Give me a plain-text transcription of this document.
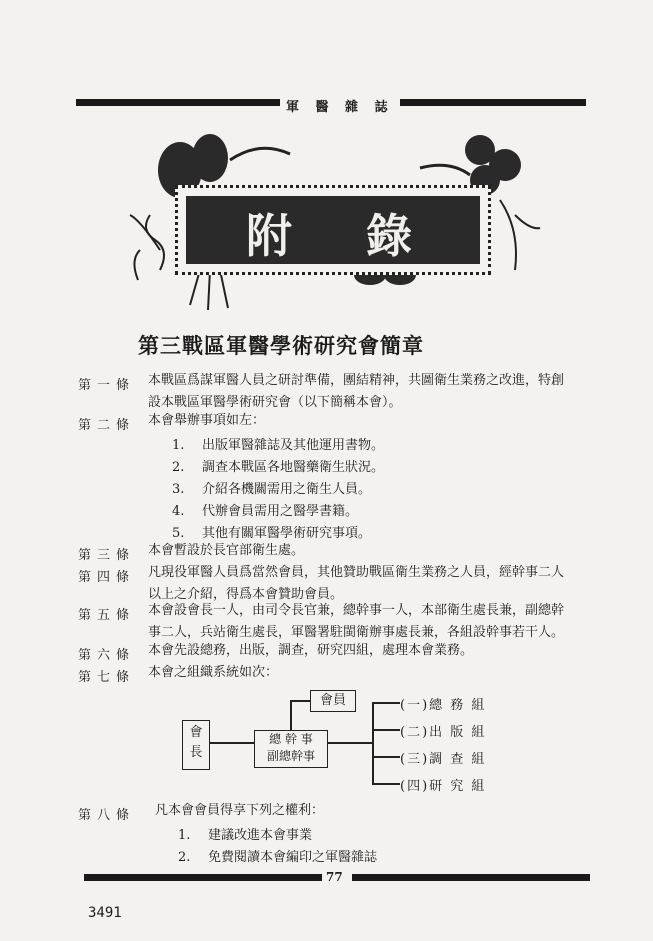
軍 醫 雜 誌
附 錄
第三戰區軍醫學術研究會簡章
第一條 本戰區爲謀軍醫人員之研討準備，團結精神，共圖衛生業務之改進，特創
設本戰區軍醫學術研究會（以下簡稱本會）。
第二條 本會舉辦事項如左：
1. 出版軍醫雜誌及其他運用書物。
2. 調查本戰區各地醫藥衛生狀況。
3. 介紹各機關需用之衛生人員。
4. 代辦會員需用之醫學書籍。
5. 其他有關軍醫學術研究事項。
第三條 本會暫設於長官部衛生處。
第四條 凡現役軍醫人員爲當然會員，其他贊助戰區衛生業務之人員，經幹事二人
以上之介紹，得爲本會贊助會員。
第五條 本會設會長一人，由司令長官兼，總幹事一人，本部衛生處長兼，副總幹
事二人，兵站衛生處長，軍醫署駐閩衛辦事處長兼，各組設幹事若干人。
第六條 本會先設總務，出版，調查，研究四組，處理本會業務。
第七條 本會之組織系統如次：
會長
會員
總 幹 事
副總幹事
(一)總 務 組
(二)出 版 組
(三)調 查 組
(四)研 究 組
第八條 凡本會會員得享下列之權利：
1. 建議改進本會事業
2. 免費閱讀本會編印之軍醫雜誌
77
3491
